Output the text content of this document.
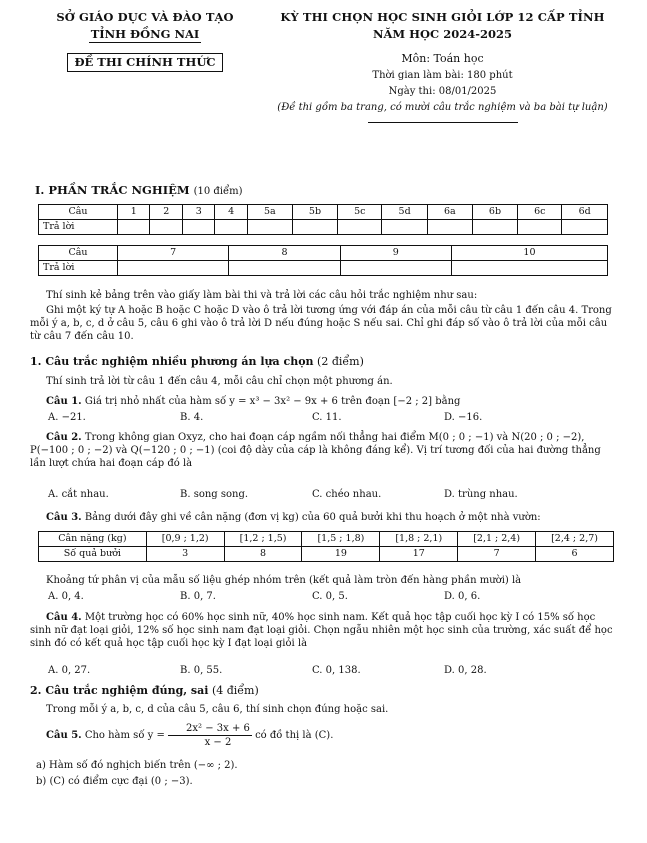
SỞ GIÁO DỤC VÀ ĐÀO TẠO
TỈNH ĐỒNG NAI
ĐỀ THI CHÍNH THỨC
KỲ THI CHỌN HỌC SINH GIỎI LỚP 12 CẤP TỈNH
NĂM HỌC 2024-2025
Môn: Toán học
Thời gian làm bài: 180 phút
Ngày thi: 08/01/2025
(Đề thi gồm ba trang, có mười câu trắc nghiệm và ba bài tự luận)
I. PHẦN TRẮC NGHIỆM (10 điểm)
Câu	1	2	3	4	5a	5b	5c	5d	6a	6b	6c	6d
Trả lời												
Câu	7	8	9	10
Trả lời				
Thí sinh kẻ bảng trên vào giấy làm bài thi và trả lời các câu hỏi trắc nghiệm như sau:
Ghi một ký tự A hoặc B hoặc C hoặc D vào ô trả lời tương ứng với đáp án của mỗi câu từ câu 1 đến câu 4. Trong mỗi ý a, b, c, d ở câu 5, câu 6 ghi vào ô trả lời D nếu đúng hoặc S nếu sai. Chỉ ghi đáp số vào ô trả lời của mỗi câu từ câu 7 đến câu 10.
1. Câu trắc nghiệm nhiều phương án lựa chọn (2 điểm)
Thí sinh trả lời từ câu 1 đến câu 4, mỗi câu chỉ chọn một phương án.
Câu 1. Giá trị nhỏ nhất của hàm số y = x³ − 3x² − 9x + 6 trên đoạn [−2 ; 2] bằng
A. −21.	B. 4.	C. 11.	D. −16.
Câu 2. Trong không gian Oxyz, cho hai đoạn cáp ngầm nối thẳng hai điểm M(0 ; 0 ; −1) và N(20 ; 0 ; −2), P(−100 ; 0 ; −2) và Q(−120 ; 0 ; −1) (coi độ dày của cáp là không đáng kể). Vị trí tương đối của hai đường thẳng lần lượt chứa hai đoạn cáp đó là
A. cắt nhau.	B. song song.	C. chéo nhau.	D. trùng nhau.
Câu 3. Bảng dưới đây ghi về cân nặng (đơn vị kg) của 60 quả bưởi khi thu hoạch ở một nhà vườn:
Cân nặng (kg)	[0,9 ; 1,2)	[1,2 ; 1,5)	[1,5 ; 1,8)	[1,8 ; 2,1)	[2,1 ; 2,4)	[2,4 ; 2,7)
Số quả bưởi	3	8	19	17	7	6
Khoảng tứ phân vị của mẫu số liệu ghép nhóm trên (kết quả làm tròn đến hàng phần mười) là
A. 0, 4.	B. 0, 7.	C. 0, 5.	D. 0, 6.
Câu 4. Một trường học có 60% học sinh nữ, 40% học sinh nam. Kết quả học tập cuối học kỳ I có 15% số học sinh nữ đạt loại giỏi, 12% số học sinh nam đạt loại giỏi. Chọn ngẫu nhiên một học sinh của trường, xác suất để học sinh đó có kết quả học tập cuối học kỳ I đạt loại giỏi là
A. 0, 27.	B. 0, 55.	C. 0, 138.	D. 0, 28.
2. Câu trắc nghiệm đúng, sai (4 điểm)
Trong mỗi ý a, b, c, d của câu 5, câu 6, thí sinh chọn đúng hoặc sai.
Câu 5. Cho hàm số $y = \frac{\text{2x² − 3x + 6}}{x - 2}$ có đồ thị là (C).
a) Hàm số đó nghịch biến trên (−∞ ; 2).
b) (C) có điểm cực đại (0 ; −3).
